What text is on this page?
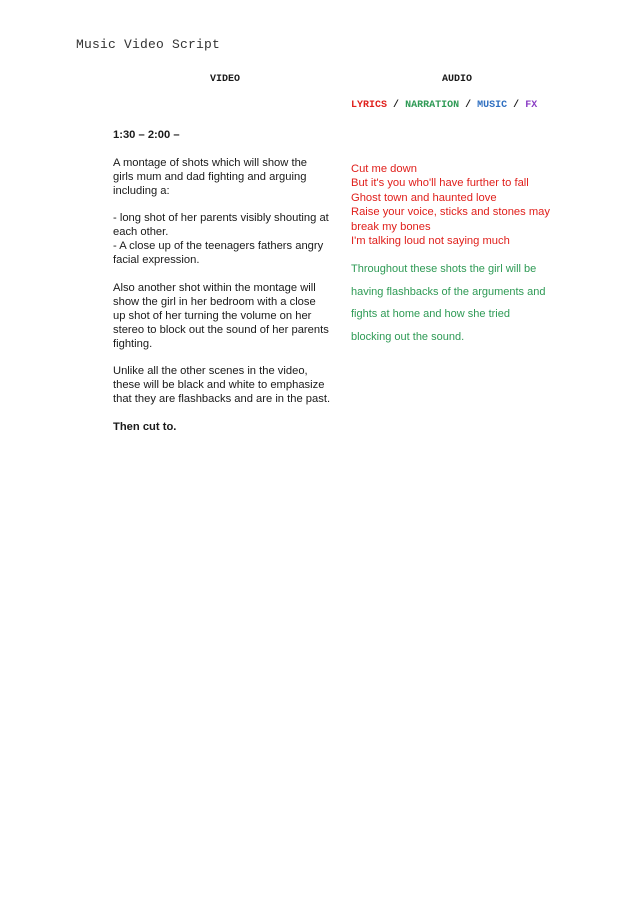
Music Video Script
VIDEO	AUDIO
LYRICS / NARRATION / MUSIC / FX

1:30 – 2:00 –

A montage of shots which will show the

girls mum and dad fighting and arguing

including a:

- long shot of her parents visibly shouting at

each other.

- A close up of the teenagers fathers angry

facial expression.

Also another shot within the montage will

show the girl in her bedroom with a close

up shot of her turning the volume on her

stereo to block out the sound of her parents

fighting.

Unlike all the other scenes in the video,

these will be black and white to emphasize

that they are flashbacks and are in the past.

Then cut to.

Cut me down
But it's you who'll have further to fall
Ghost town and haunted love
Raise your voice, sticks and stones may
break my bones
I'm talking loud not saying much
Throughout these shots the girl will be
having flashbacks of the arguments and
fights at home and how she tried
blocking out the sound.
